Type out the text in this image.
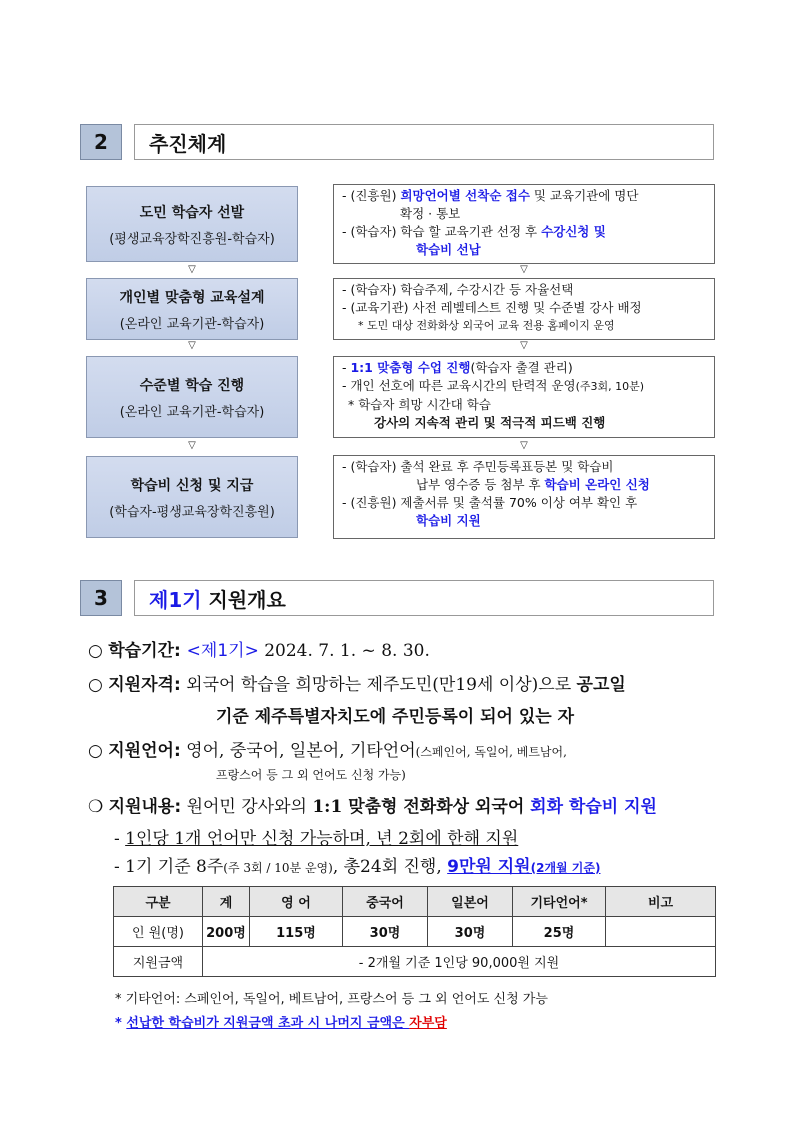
2	추진체계
도민 학습자 선발
(평생교육장학진흥원-학습자)
- (진흥원) 희망언어별 선착순 접수 및 교육기관에 명단
확정 · 통보
- (학습자) 학습 할 교육기관 선정 후 수강신청 및
학습비 선납
▽	▽
개인별 맞춤형 교육설계
(온라인 교육기관-학습자)
- (학습자) 학습주제, 수강시간 등 자율선택
- (교육기관) 사전 레벨테스트 진행 및 수준별 강사 배정
* 도민 대상 전화화상 외국어 교육 전용 홈페이지 운영
▽	▽
수준별 학습 진행
(온라인 교육기관-학습자)
- 1:1 맞춤형 수업 진행(학습자 출결 관리)
- 개인 선호에 따른 교육시간의 탄력적 운영(주3회, 10분)
* 학습자 희망 시간대 학습
강사의 지속적 관리 및 적극적 피드백 진행
▽	▽
학습비 신청 및 지급
(학습자-평생교육장학진흥원)
- (학습자) 출석 완료 후 주민등록표등본 및 학습비
납부 영수증 등 첨부 후 학습비 온라인 신청
- (진흥원) 제출서류 및 출석률 70% 이상 여부 확인 후
학습비 지원
3	제1기 지원개요
○ 학습기간: <제1기> 2024. 7. 1. ~ 8. 30.
○ 지원자격: 외국어 학습을 희망하는 제주도민(만19세 이상)으로 공고일
기준 제주특별자치도에 주민등록이 되어 있는 자
○ 지원언어: 영어, 중국어, 일본어, 기타언어(스페인어, 독일어, 베트남어,
프랑스어 등 그 외 언어도 신청 가능)
❍ 지원내용: 원어민 강사와의 1:1 맞춤형 전화화상 외국어 회화 학습비 지원
- 1인당 1개 언어만 신청 가능하며, 년 2회에 한해 지원
- 1기 기준 8주(주 3회 / 10분 운영), 총24회 진행, 9만원 지원(2개월 기준)
구분	계	영 어	중국어	일본어	기타언어*	비고
인 원(명)	200명	115명	30명	30명	25명	
지원금액	- 2개월 기준 1인당 90,000원 지원					
* 기타언어: 스페인어, 독일어, 베트남어, 프랑스어 등 그 외 언어도 신청 가능
* 선납한 학습비가 지원금액 초과 시 나머지 금액은 자부담
